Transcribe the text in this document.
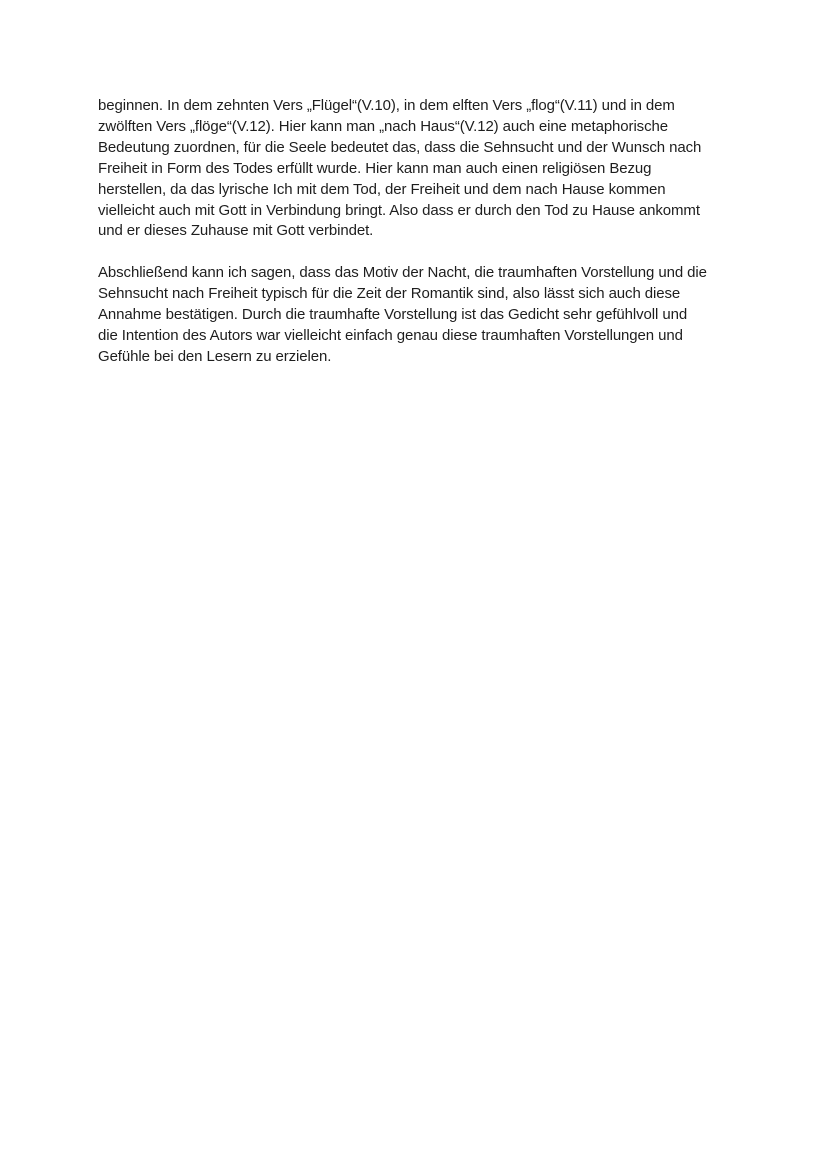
beginnen. In dem zehnten Vers „Flügel“(V.10), in dem elften Vers „flog“(V.11) und in dem
zwölften Vers „flöge“(V.12). Hier kann man „nach Haus“(V.12) auch eine metaphorische
Bedeutung zuordnen, für die Seele bedeutet das, dass die Sehnsucht und der Wunsch nach
Freiheit in Form des Todes erfüllt wurde. Hier kann man auch einen religiösen Bezug
herstellen, da das lyrische Ich mit dem Tod, der Freiheit und dem nach Hause kommen
vielleicht auch mit Gott in Verbindung bringt. Also dass er durch den Tod zu Hause ankommt
und er dieses Zuhause mit Gott verbindet.
Abschließend kann ich sagen, dass das Motiv der Nacht, die traumhaften Vorstellung und die
Sehnsucht nach Freiheit typisch für die Zeit der Romantik sind, also lässt sich auch diese
Annahme bestätigen. Durch die traumhafte Vorstellung ist das Gedicht sehr gefühlvoll und
die Intention des Autors war vielleicht einfach genau diese traumhaften Vorstellungen und
Gefühle bei den Lesern zu erzielen.
